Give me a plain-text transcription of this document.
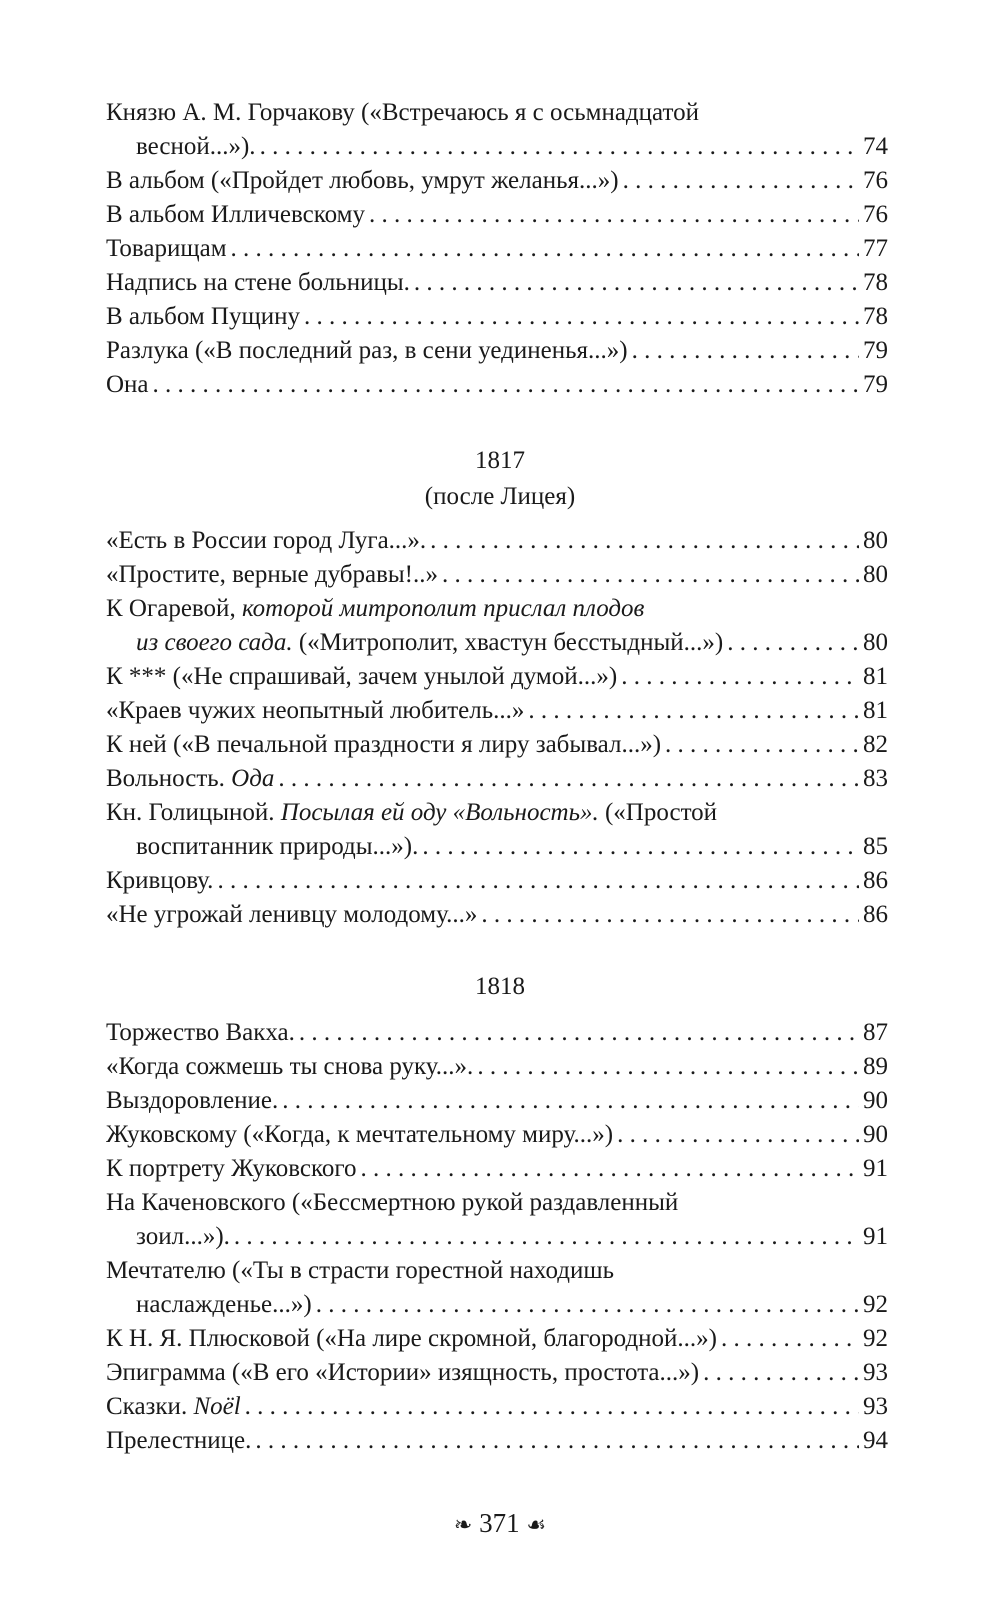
Князю А. М. Горчакову («Встречаюсь я с осьмнадцатой
весной...»). . . .	74
В альбом («Пройдет любовь, умрут желанья...») . . .	76
В альбом Илличевскому . . .	76
Товарищам . . .	77
Надпись на стене больницы. . . .	78
В альбом Пущину . . .	78
Разлука («В последний раз, в сени уединенья...») . . .	79
Она . . .	79
1817
(после Лицея)
«Есть в России город Луга...». . . .	80
«Простите, верные дубравы!..» . . .	80
К Огаревой, которой митрополит прислал плодов
из своего сада. («Митрополит, хвастун бесстыдный...») . . .	80
К *** («Не спрашивай, зачем унылой думой...») . . .	81
«Краев чужих неопытный любитель...» . . .	81
К ней («В печальной праздности я лиру забывал...») . . .	82
Вольность. Ода . . .	83
Кн. Голицыной. Посылая ей оду «Вольность». («Простой
воспитанник природы...»). . . .	85
Кривцову. . . .	86
«Не угрожай ленивцу молодому...» . . .	86
1818
Торжество Вакха. . . .	87
«Когда сожмешь ты снова руку...». . . .	89
Выздоровление. . . .	90
Жуковскому («Когда, к мечтательному миру...») . . .	90
К портрету Жуковского . . .	91
На Каченовского («Бессмертною рукой раздавленный
зоил...»). . . .	91
Мечтателю («Ты в страсти горестной находишь
наслажденье...») . . .	92
К Н. Я. Плюсковой («На лире скромной, благородной...») . . .	92
Эпиграмма («В его «Истории» изящность, простота...») . . .	93
Сказки. Noёl . . .	93
Прелестнице. . . .	94
❧ 371 ☙
